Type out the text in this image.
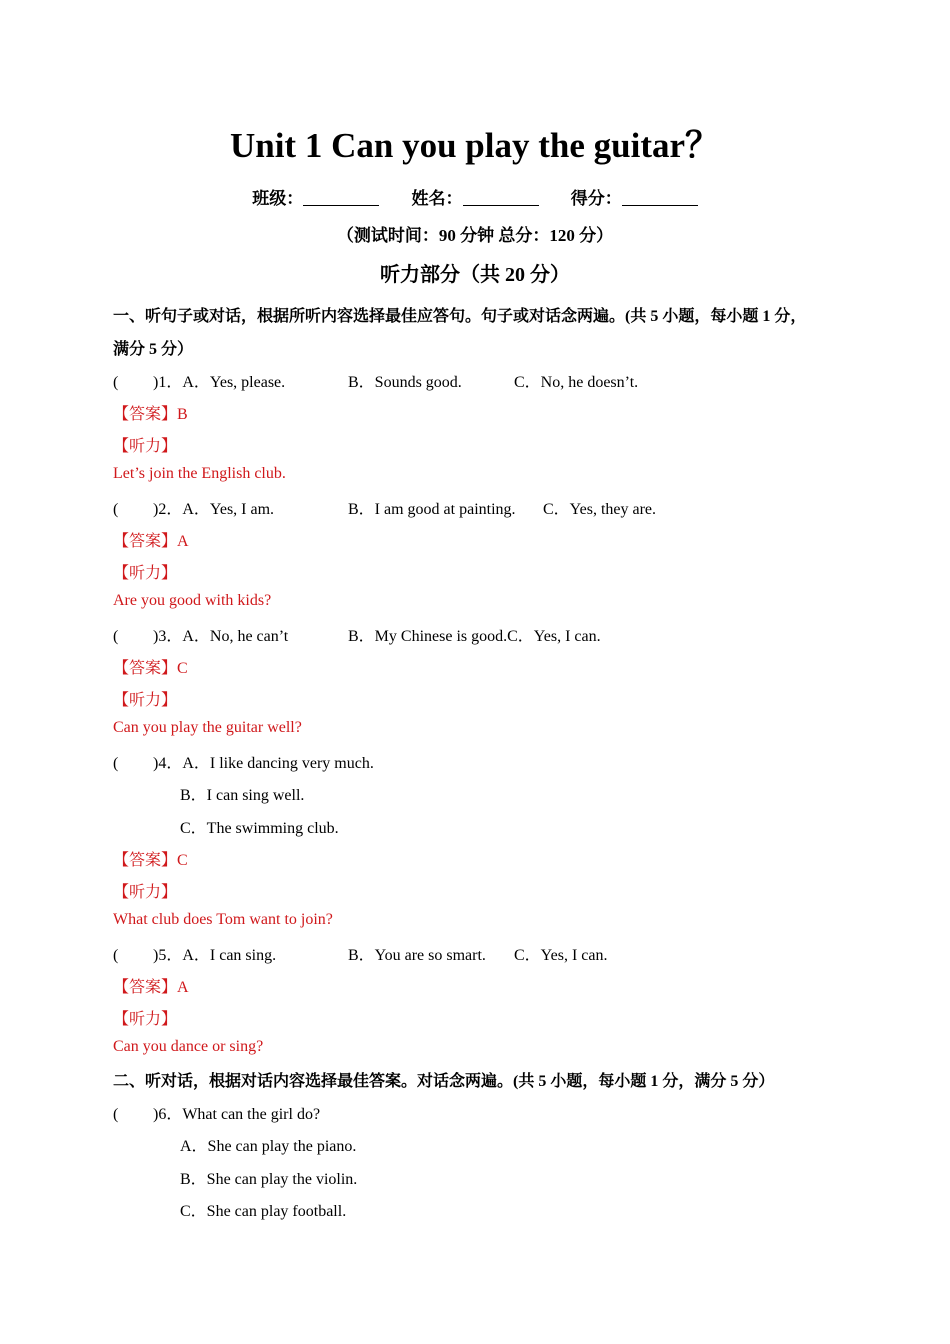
Unit 1 Can you play the guitar？
班级：	姓名：	得分：
（测试时间：90 分钟 总分：120 分）
听力部分（共 20 分）
一、听句子或对话，根据所听内容选择最佳应答句。句子或对话念两遍。(共 5 小题，每小题 1 分，
满分 5 分）
( )1．A．Yes, please.	B．Sounds good.	C．No, he doesn’t.
【答案】B
【听力】
Let’s join the English club.
( )2．A．Yes, I am.	B．I am good at painting. C．Yes, they are.
【答案】A
【听力】
Are you good with kids?
( )3．A．No, he can’t	B．My Chinese is good.C．Yes, I can.
【答案】C
【听力】
Can you play the guitar well?
( )4．A．I like dancing very much.
B．I can sing well.
C．The swimming club.
【答案】C
【听力】
What club does Tom want to join?
( )5．A．I can sing.	B．You are so smart. C．Yes, I can.
【答案】A
【听力】
Can you dance or sing?
二、听对话，根据对话内容选择最佳答案。对话念两遍。(共 5 小题，每小题 1 分，满分 5 分）
( )6．What can the girl do?
A．She can play the piano.
B．She can play the violin.
C．She can play football.
